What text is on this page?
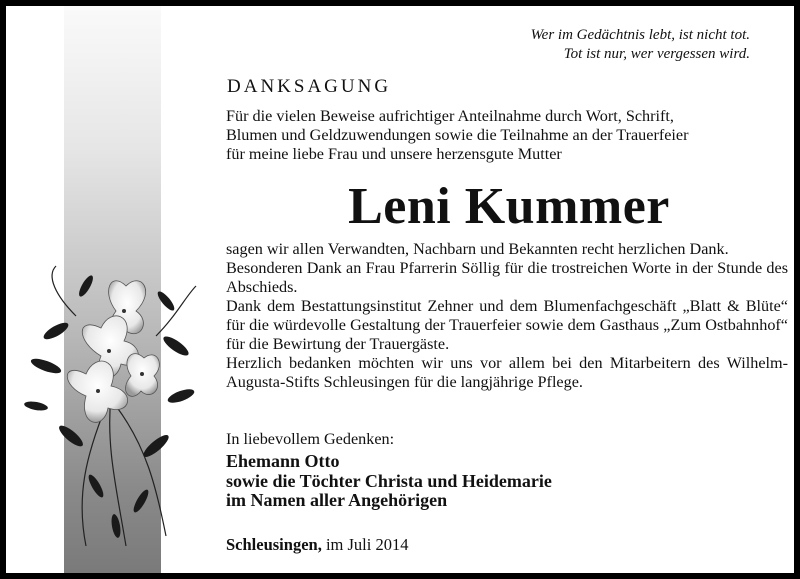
Wer im Gedächtnis lebt, ist nicht tot.
Tot ist nur, wer vergessen wird.
DANKSAGUNG
Für die vielen Beweise aufrichtiger Anteilnahme durch Wort, Schrift,
Blumen und Geldzuwendungen sowie die Teilnahme an der Trauerfeier
für meine liebe Frau und unsere herzensgute Mutter
Leni Kummer
sagen wir allen Verwandten, Nachbarn und Bekannten recht herzlichen Dank.
Besonderen Dank an Frau Pfarrerin Söllig für die trostreichen Worte in der Stunde des Abschieds.
Dank dem Bestattungsinstitut Zehner und dem Blumenfachgeschäft „Blatt & Blüte“ für die würdevolle Gestaltung der Trauerfeier sowie dem Gasthaus „Zum Ostbahnhof“ für die Bewirtung der Trauergäste.
Herzlich bedanken möchten wir uns vor allem bei den Mitarbeitern des Wilhelm-Augusta-Stifts Schleusingen für die langjährige Pflege.
In liebevollem Gedenken:
Ehemann Otto
sowie die Töchter Christa und Heidemarie
im Namen aller Angehörigen
Schleusingen, im Juli 2014
